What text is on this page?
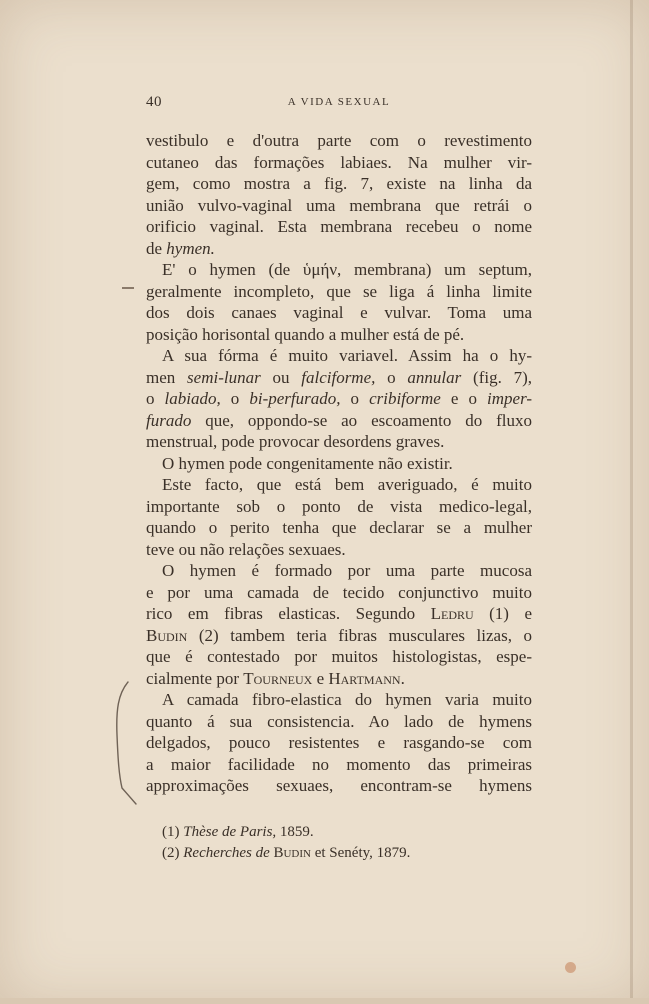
40	A VIDA SEXUAL
vestibulo e d'outra parte com o revestimento
cutaneo das formações labiaes. Na mulher vir-
gem, como mostra a fig. 7, existe na linha da
união vulvo-vaginal uma membrana que retrái o
orificio vaginal. Esta membrana recebeu o nome
de hymen.
E' o hymen (de ὑμήν, membrana) um septum,
geralmente incompleto, que se liga á linha limite
dos dois canaes vaginal e vulvar. Toma uma
posição horisontal quando a mulher está de pé.
A sua fórma é muito variavel. Assim ha o hy-
men semi-lunar ou falciforme, o annular (fig. 7),
o labiado, o bi-perfurado, o cribiforme e o imper-
furado que, oppondo-se ao escoamento do fluxo
menstrual, pode provocar desordens graves.
O hymen pode congenitamente não existir.
Este facto, que está bem averiguado, é muito
importante sob o ponto de vista medico-legal,
quando o perito tenha que declarar se a mulher
teve ou não relações sexuaes.
O hymen é formado por uma parte mucosa
e por uma camada de tecido conjunctivo muito
rico em fibras elasticas. Segundo Ledru (1) e
Budin (2) tambem teria fibras musculares lizas, o
que é contestado por muitos histologistas, espe-
cialmente por Tourneux e Hartmann.
A camada fibro-elastica do hymen varia muito
quanto á sua consistencia. Ao lado de hymens
delgados, pouco resistentes e rasgando-se com
a maior facilidade no momento das primeiras
approximações sexuaes, encontram-se hymens
(1) Thèse de Paris, 1859.
(2) Recherches de Budin et Senéty, 1879.
